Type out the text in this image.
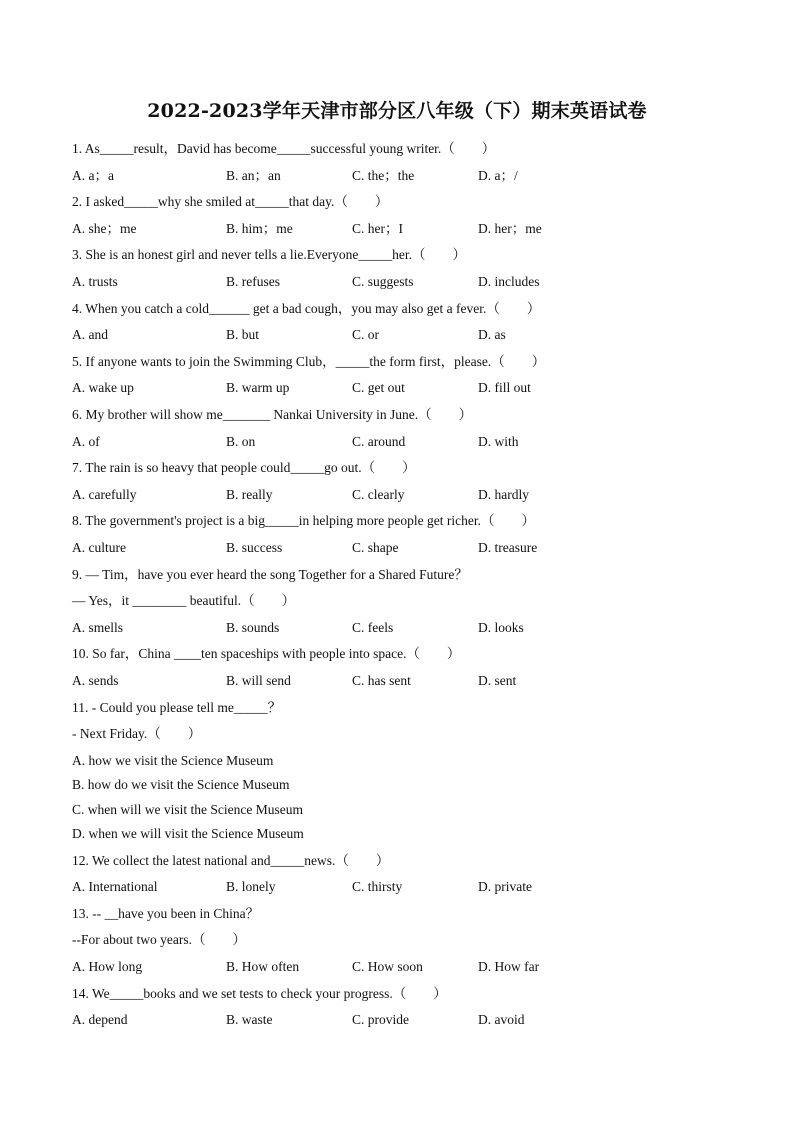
2022-2023学年天津市部分区八年级（下）期末英语试卷
1. As_____result，David has become_____successful young writer.（　　）
A. a；a	B. an；an	C. the；the	D. a；/
2. I asked_____why she smiled at_____that day.（　　）
A. she；me	B. him；me	C. her；I	D. her；me
3. She is an honest girl and never tells a lie.Everyone_____her.（　　）
A. trusts	B. refuses	C. suggests	D. includes
4. When you catch a cold______ get a bad cough，you may also get a fever.（　　）
A. and	B. but	C. or	D. as
5. If anyone wants to join the Swimming Club，_____the form first，please.（　　）
A. wake up	B. warm up	C. get out	D. fill out
6. My brother will show me_______ Nankai University in June.（　　）
A. of	B. on	C. around	D. with
7. The rain is so heavy that people could_____go out.（　　）
A. carefully	B. really	C. clearly	D. hardly
8. The government's project is a big_____in helping more people get richer.（　　）
A. culture	B. success	C. shape	D. treasure
9. — Tim，have you ever heard the song Together for a Shared Future？
— Yes，it ________ beautiful.（　　）
A. smells	B. sounds	C. feels	D. looks
10. So far，China ____ten spaceships with people into space.（　　）
A. sends	B. will send	C. has sent	D. sent
11. - Could you please tell me_____？
- Next Friday.（　　）
A. how we visit the Science Museum
B. how do we visit the Science Museum
C. when will we visit the Science Museum
D. when we will visit the Science Museum
12. We collect the latest national and_____news.（　　）
A. International	B. lonely	C. thirsty	D. private
13. -- __have you been in China？
--For about two years.（　　）
A. How long	B. How often	C. How soon	D. How far
14. We_____books and we set tests to check your progress.（　　）
A. depend	B. waste	C. provide	D. avoid
